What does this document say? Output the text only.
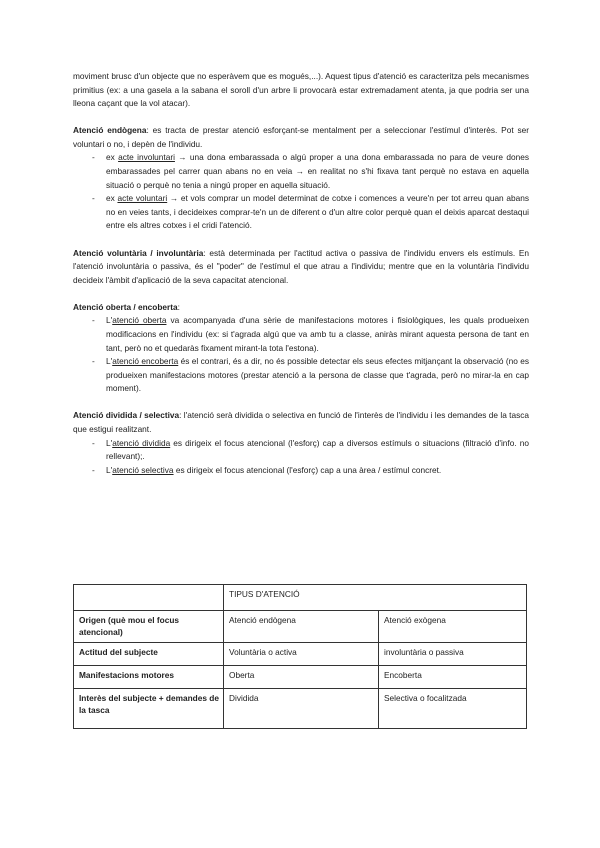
moviment brusc d'un objecte que no esperàvem que es mogués,...). Aquest tipus d'atenció es caracteritza pels mecanismes primitius (ex: a una gasela a la sabana el soroll d'un arbre li provocarà estar extremadament atenta, ja que podria ser una lleona caçant que la vol atacar).

Atenció endògena: es tracta de prestar atenció esforçant-se mentalment per a seleccionar l'estímul d'interès. Pot ser voluntari o no, i depèn de l'individu.

- ex acte involuntari → una dona embarassada o algú proper a una dona embarassada no para de veure dones embarassades pel carrer quan abans no en veia → en realitat no s'hi fixava tant perquè no estava en aquella situació o perquè no tenia a ningú proper en aquella situació.
- ex acte voluntari → et vols comprar un model determinat de cotxe i comences a veure'n per tot arreu quan abans no en veies tants, i decideixes comprar-te'n un de diferent o d'un altre color perquè quan el deixis aparcat destaqui entre els altres cotxes i el cridi l'atenció.

Atenció voluntària / involuntària: està determinada per l'actitud activa o passiva de l'individu envers els estímuls. En l'atenció involuntària o passiva, és el "poder" de l'estímul el que atrau a l'individu; mentre que en la voluntària l'individu decideix l'àmbit d'aplicació de la seva capacitat atencional.

Atenció oberta / encoberta:

- L'atenció oberta va acompanyada d'una sèrie de manifestacions motores i fisiològiques, les quals produeixen modificacions en l'individu (ex: si t'agrada algú que va amb tu a classe, aniràs mirant aquesta persona de tant en tant, però no et quedaràs fixament mirant-la tota l'estona).
- L'atenció encoberta és el contrari, és a dir, no és possible detectar els seus efectes mitjançant la observació (no es produeixen manifestacions motores (prestar atenció a la persona de classe que t'agrada, però no mirar-la en cap moment).

Atenció dividida / selectiva: l'atenció serà dividida o selectiva en funció de l'interès de l'individu i les demandes de la tasca que estigui realitzant.

- L'atenció dividida es dirigeix el focus atencional (l'esforç) cap a diversos estímuls o situacions (filtració d'info. no rellevant);.
- L'atenció selectiva es dirigeix el focus atencional (l'esforç) cap a una àrea / estímul concret.
	TIPUS D'ATENCIÓ	
Origen (què mou el focus atencional)	Atenció endògena	Atenció exògena
Actitud del subjecte	Voluntària o activa	involuntària o passiva
Manifestacions motores	Oberta	Encoberta
Interès del subjecte + demandes de la tasca	Dividida	Selectiva o focalitzada
